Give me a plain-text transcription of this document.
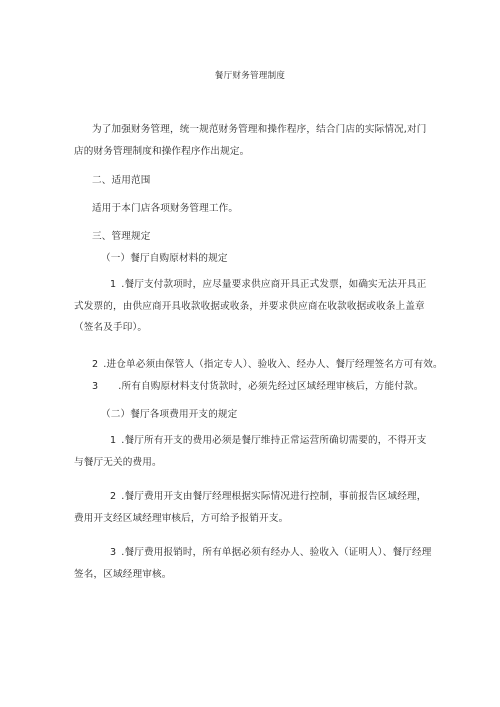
餐厅财务管理制度

为了加强财务管理，统一规范财务管理和操作程序，结合门店的实际情况,对门店的财务管理制度和操作程序作出规定。

二、适用范围
适用于本门店各项财务管理工作。
三、管理规定
（一）餐厅自购原材料的规定

1 .餐厅支付款项时，应尽量要求供应商开具正式发票，如确实无法开具正式发票的，由供应商开具收款收据或收条，并要求供应商在收款收据或收条上盖章（签名及手印）。

2 .进仓单必须由保管人（指定专人）、验收入、经办人、餐厅经理签名方可有效。
3 .所有自购原材料支付货款时，必须先经过区域经理审核后，方能付款。
（二）餐厅各项费用开支的规定

1 .餐厅所有开支的费用必须是餐厅维持正常运营所确切需要的，不得开支与餐厅无关的费用。

2 .餐厅费用开支由餐厅经理根据实际情况进行控制，事前报告区域经理，费用开支经区域经理审核后，方可给予报销开支。

3 .餐厅费用报销时，所有单据必须有经办人、验收入（证明人）、餐厅经理签名，区域经理审核。
